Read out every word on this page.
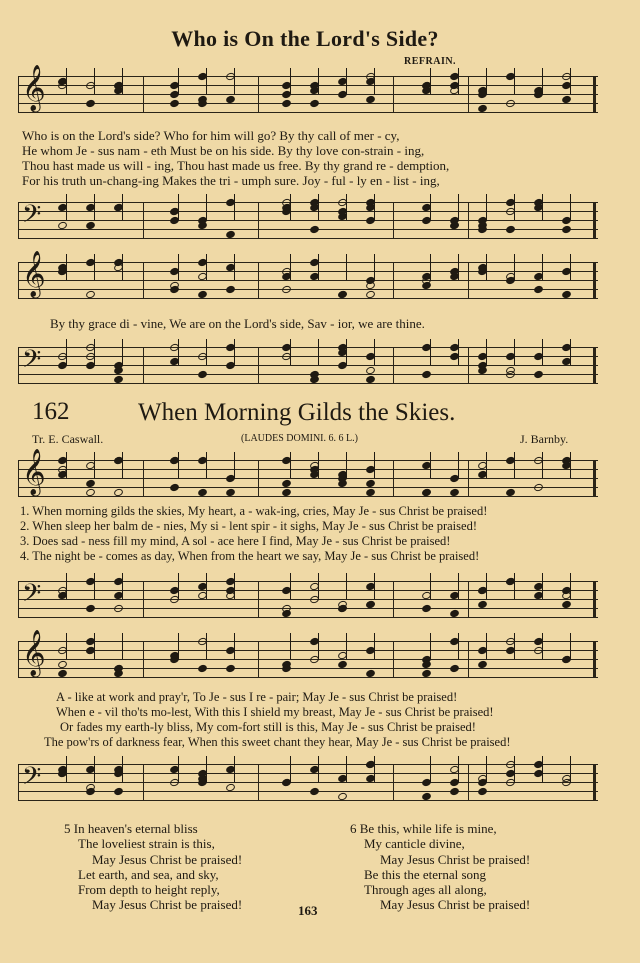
Who is On the Lord's Side?
REFRAIN.
𝄞
Who is on the Lord's side? Who for him will go? By thy call of mer - cy,
He whom Je - sus nam - eth Must be on his side. By thy love con-strain - ing,
Thou hast made us will - ing, Thou hast made us free. By thy grand re - demption,
For his truth un-chang-ing Makes the tri - umph sure. Joy - ful - ly en - list - ing,
𝄢
𝄞
By thy grace di - vine, We are on the Lord's side, Sav - ior, we are thine.
𝄢
162	When Morning Gilds the Skies.
Tr. E. Caswall.	(LAUDES DOMINI. 6. 6 L.)	J. Barnby.
𝄞
1. When morning gilds the skies, My heart, a - wak-ing, cries, May Je - sus Christ be praised!
2. When sleep her balm de - nies, My si - lent spir - it sighs, May Je - sus Christ be praised!
3. Does sad - ness fill my mind, A sol - ace here I find, May Je - sus Christ be praised!
4. The night be - comes as day, When from the heart we say, May Je - sus Christ be praised!
𝄢
𝄞
A - like at work and pray'r, To Je - sus I re - pair; May Je - sus Christ be praised!
When e - vil tho'ts mo-lest, With this I shield my breast, May Je - sus Christ be praised!
Or fades my earth-ly bliss, My com-fort still is this, May Je - sus Christ be praised!
The pow'rs of darkness fear, When this sweet chant they hear, May Je - sus Christ be praised!
𝄢
5 In heaven's eternal bliss
The loveliest strain is this,
May Jesus Christ be praised!
Let earth, and sea, and sky,
From depth to height reply,
May Jesus Christ be praised!
6 Be this, while life is mine,
My canticle divine,
May Jesus Christ be praised!
Be this the eternal song
Through ages all along,
May Jesus Christ be praised!
163
